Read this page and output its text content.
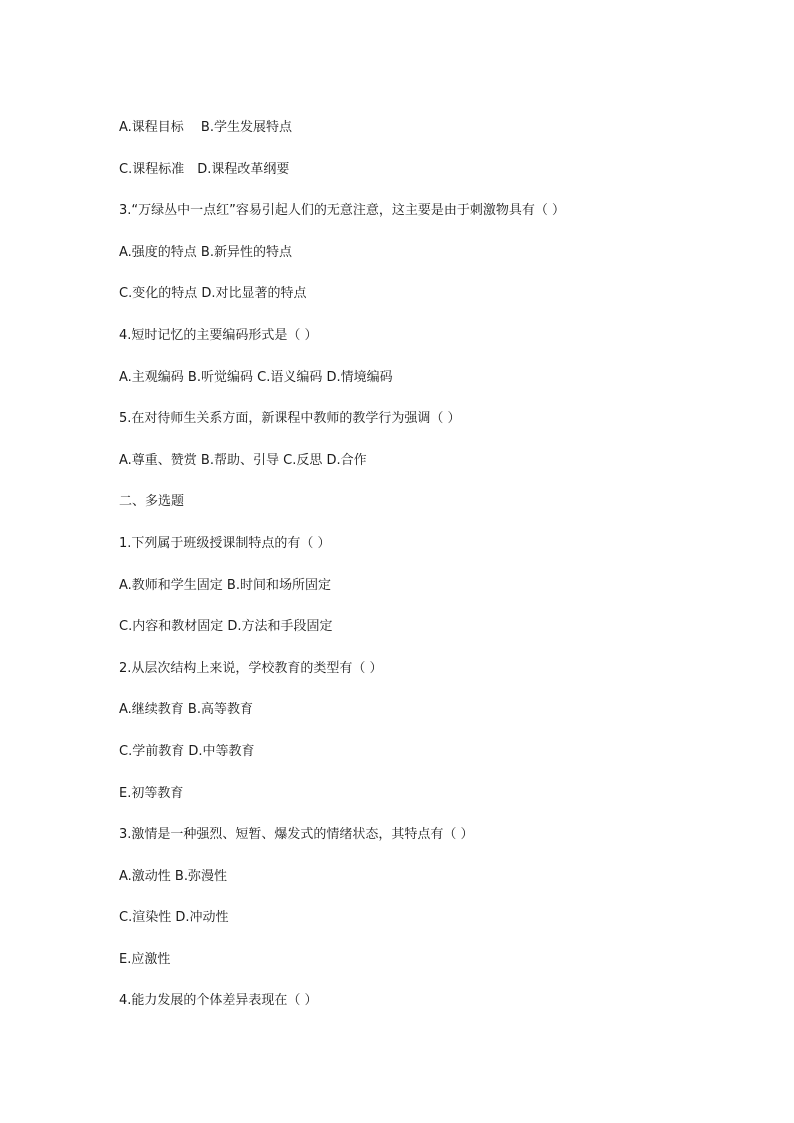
A.课程目标　 B.学生发展特点
C.课程标准　D.课程改革纲要
3.“万绿丛中一点红”容易引起人们的无意注意，这主要是由于刺激物具有（ ）
A.强度的特点 B.新异性的特点
C.变化的特点 D.对比显著的特点
4.短时记忆的主要编码形式是（ ）
A.主观编码 B.听觉编码 C.语义编码 D.情境编码
5.在对待师生关系方面，新课程中教师的教学行为强调（ ）
A.尊重、赞赏 B.帮助、引导 C.反思 D.合作
二、多选题
1.下列属于班级授课制特点的有（ ）
A.教师和学生固定 B.时间和场所固定
C.内容和教材固定 D.方法和手段固定
2.从层次结构上来说，学校教育的类型有（ ）
A.继续教育 B.高等教育
C.学前教育 D.中等教育
E.初等教育
3.激情是一种强烈、短暂、爆发式的情绪状态，其特点有（ ）
A.激动性 B.弥漫性
C.渲染性 D.冲动性
E.应激性
4.能力发展的个体差异表现在（ ）
